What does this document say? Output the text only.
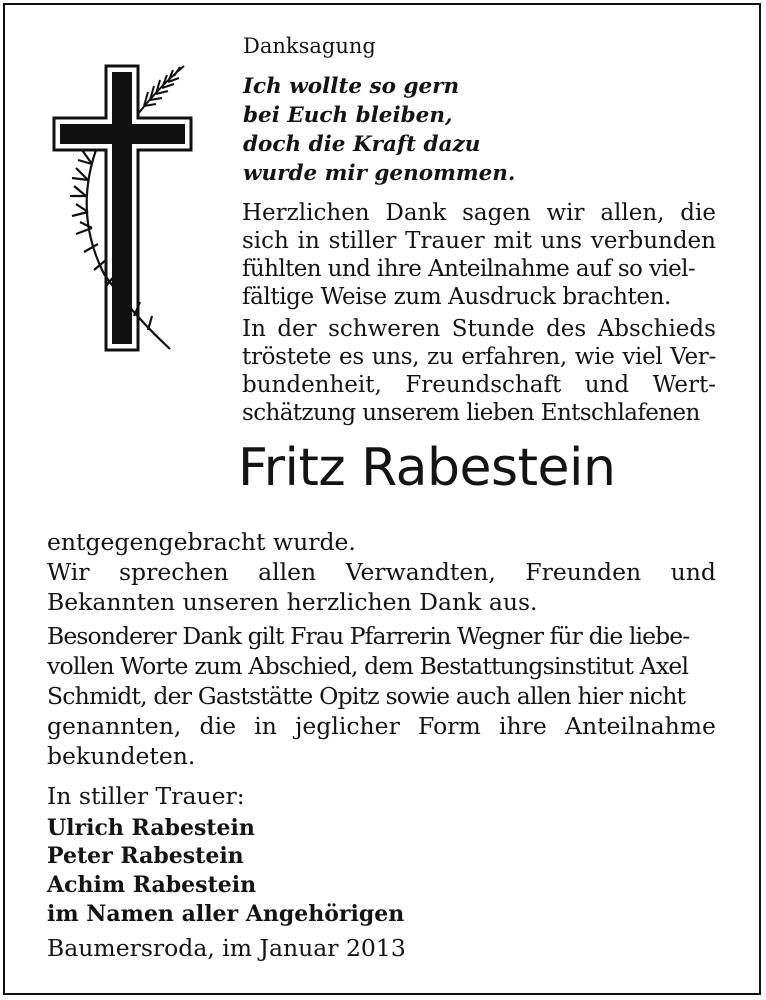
Danksagung
Ich wollte so gern
bei Euch bleiben,
doch die Kraft dazu
wurde mir genommen.
Herzlichen Dank sagen wir allen, die
sich in stiller Trauer mit uns verbunden
fühlten und ihre Anteilnahme auf so viel-
fältige Weise zum Ausdruck brachten.
In der schweren Stunde des Abschieds
tröstete es uns, zu erfahren, wie viel Ver-
bundenheit, Freundschaft und Wert-
schätzung unserem lieben Entschlafenen
Fritz Rabestein
entgegengebracht wurde.
Wir sprechen allen Verwandten, Freunden und
Bekannten unseren herzlichen Dank aus.
Besonderer Dank gilt Frau Pfarrerin Wegner für die liebe-
vollen Worte zum Abschied, dem Bestattungsinstitut Axel
Schmidt, der Gaststätte Opitz sowie auch allen hier nicht
genannten, die in jeglicher Form ihre Anteilnahme
bekundeten.
In stiller Trauer:
Ulrich Rabestein
Peter Rabestein
Achim Rabestein
im Namen aller Angehörigen
Baumersroda, im Januar 2013
